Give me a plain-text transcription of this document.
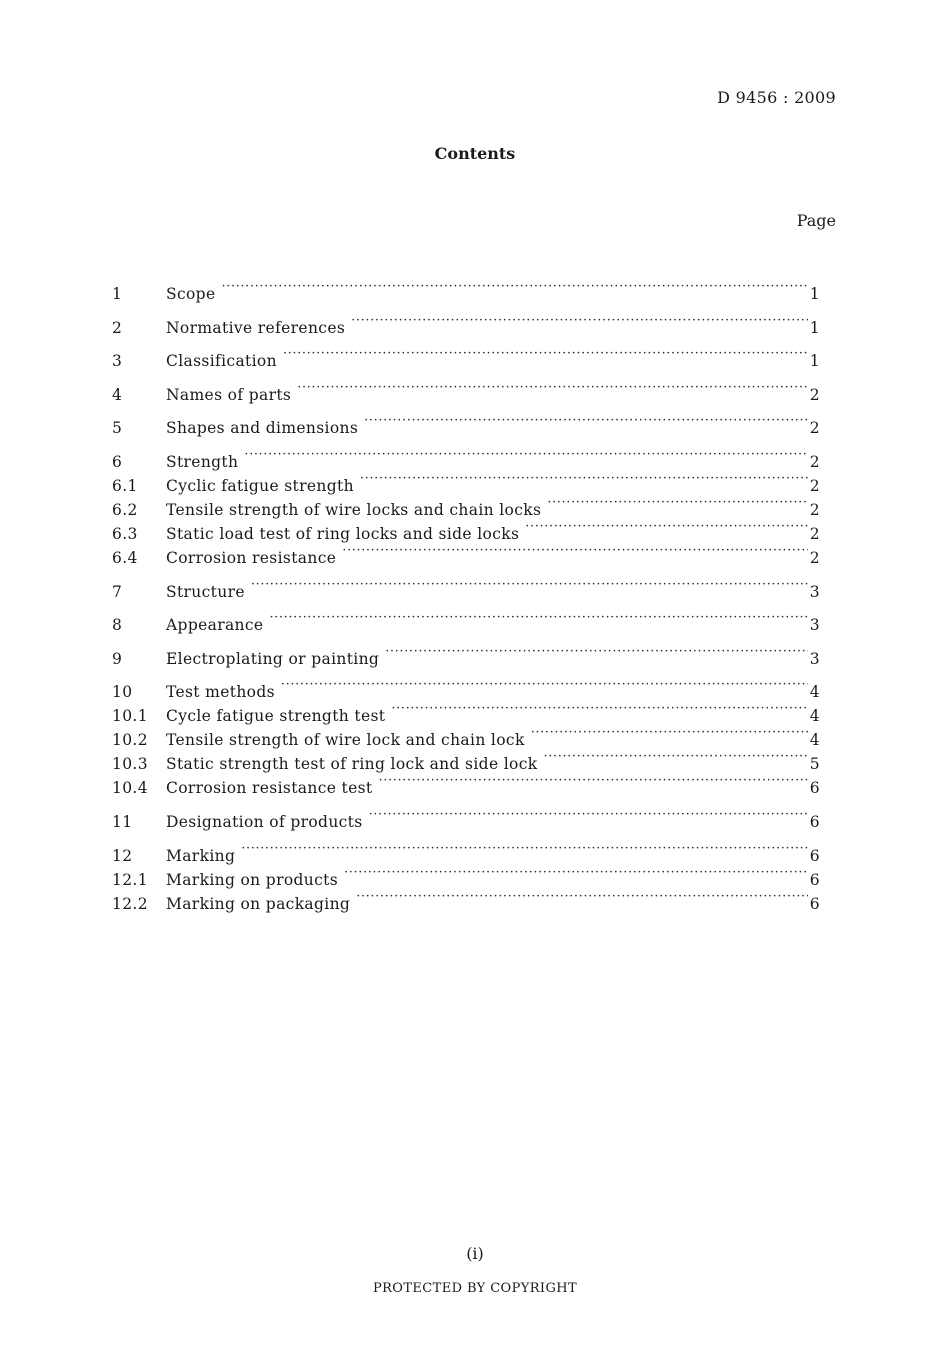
D 9456 : 2009
Contents
Page
1	Scope ·····	1
2	Normative references ·····	1
3	Classification ·····	1
4	Names of parts ·····	2
5	Shapes and dimensions ·····	2
6	Strength ·····	2
6.1	Cyclic fatigue strength ·····	2
6.2	Tensile strength of wire locks and chain locks ·····	2
6.3	Static load test of ring locks and side locks ·····	2
6.4	Corrosion resistance ·····	2
7	Structure ·····	3
8	Appearance ·····	3
9	Electroplating or painting ·····	3
10	Test methods ·····	4
10.1	Cycle fatigue strength test ·····	4
10.2	Tensile strength of wire lock and chain lock ·····	4
10.3	Static strength test of ring lock and side lock ·····	5
10.4	Corrosion resistance test ·····	6
11	Designation of products ·····	6
12	Marking ·····	6
12.1	Marking on products ·····	6
12.2	Marking on packaging ·····	6
(i)
PROTECTED BY COPYRIGHT
